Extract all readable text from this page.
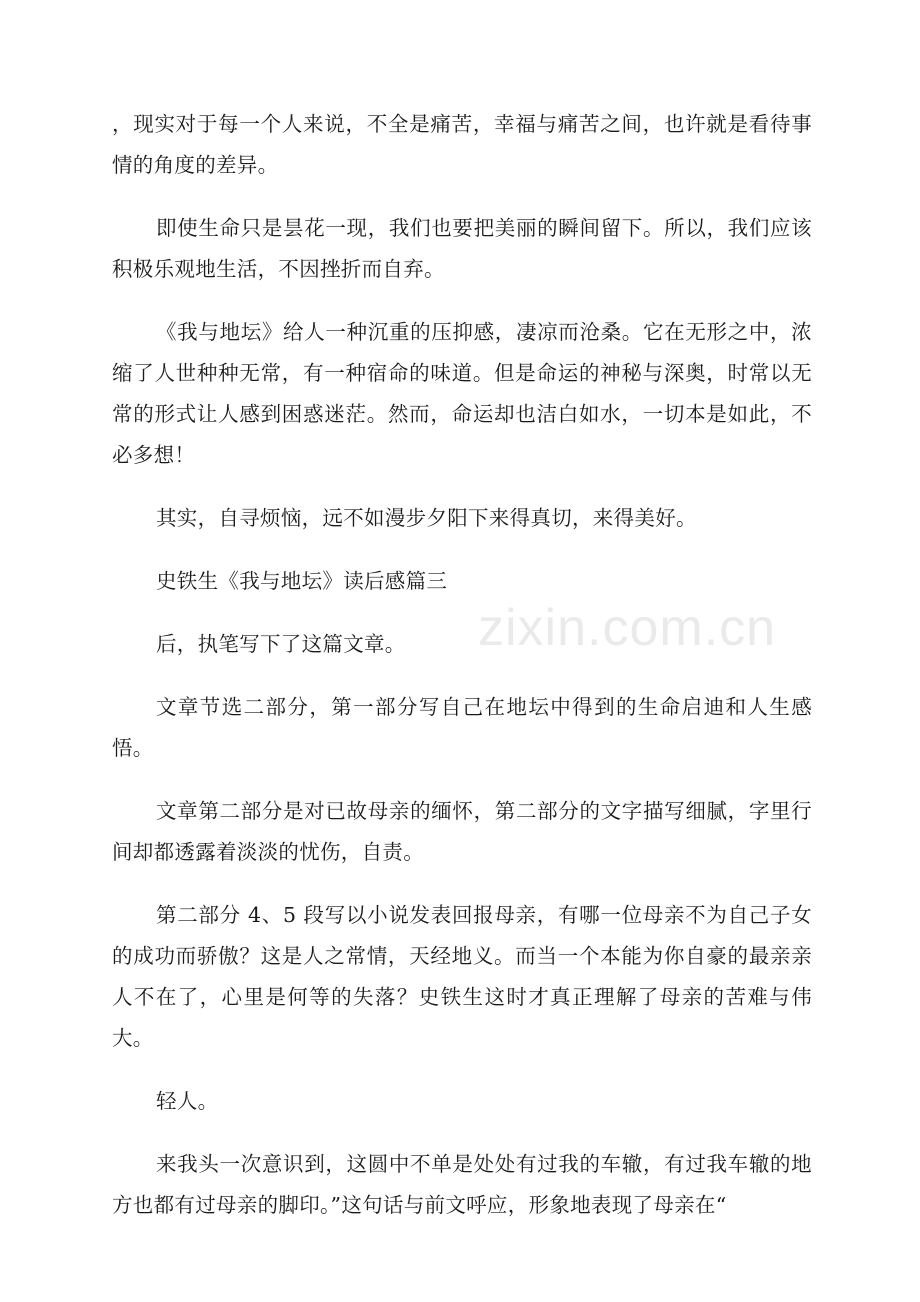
，现实对于每一个人来说，不全是痛苦，幸福与痛苦之间，也许就是看待事情的角度的差异。

即使生命只是昙花一现，我们也要把美丽的瞬间留下。所以，我们应该积极乐观地生活，不因挫折而自弃。

《我与地坛》给人一种沉重的压抑感，凄凉而沧桑。它在无形之中，浓缩了人世种种无常，有一种宿命的味道。但是命运的神秘与深奥，时常以无常的形式让人感到困惑迷茫。然而，命运却也洁白如水，一切本是如此，不必多想！

其实，自寻烦恼，远不如漫步夕阳下来得真切，来得美好。

史铁生《我与地坛》读后感篇三

后，执笔写下了这篇文章。

文章节选二部分，第一部分写自己在地坛中得到的生命启迪和人生感悟。

文章第二部分是对已故母亲的缅怀，第二部分的文字描写细腻，字里行间却都透露着淡淡的忧伤，自责。

第二部分 4、5 段写以小说发表回报母亲，有哪一位母亲不为自己子女的成功而骄傲？这是人之常情，天经地义。而当一个本能为你自豪的最亲亲人不在了，心里是何等的失落？史铁生这时才真正理解了母亲的苦难与伟大。

轻人。

来我头一次意识到，这圆中不单是处处有过我的车辙，有过我车辙的地方也都有过母亲的脚印。”这句话与前文呼应，形象地表现了母亲在“

zixin.com.cn
